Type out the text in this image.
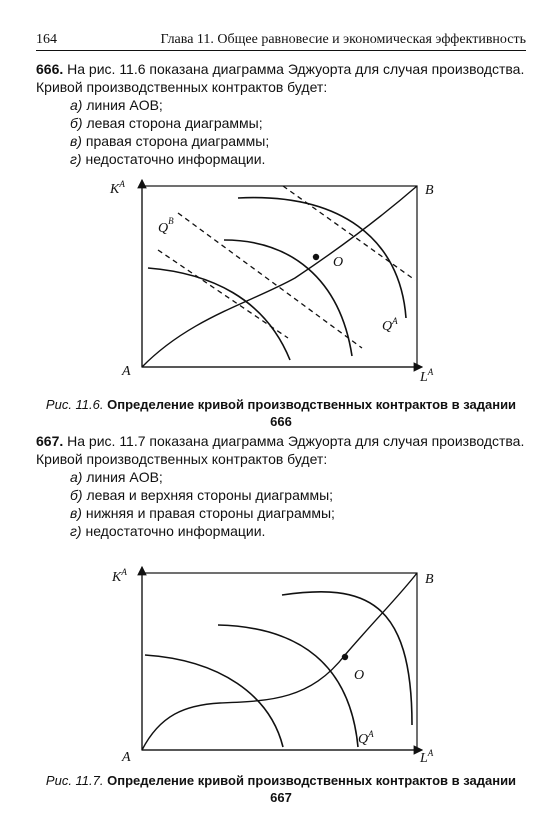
164	Глава 11. Общее равновесие и экономическая эффективность

666. На рис. 11.6 показана диаграмма Эджуорта для случая производства. Кривой производственных контрактов будет:

а) линия AOB;
б) левая сторона диаграммы;
в) правая сторона диаграммы;
г) недостаточно информации.
$K^A$
$L^A$
A
B
O
$Q^B$
$Q^A$
Рис. 11.6. Определение кривой производственных контрактов в задании 666

667. На рис. 11.7 показана диаграмма Эджуорта для случая производства. Кривой производственных контрактов будет:

а) линия AOB;
б) левая и верхняя стороны диаграммы;
в) нижняя и правая стороны диаграммы;
г) недостаточно информации.
$K^A$
$L^A$
A
B
O
$Q^A$
Рис. 11.7. Определение кривой производственных контрактов в задании 667
